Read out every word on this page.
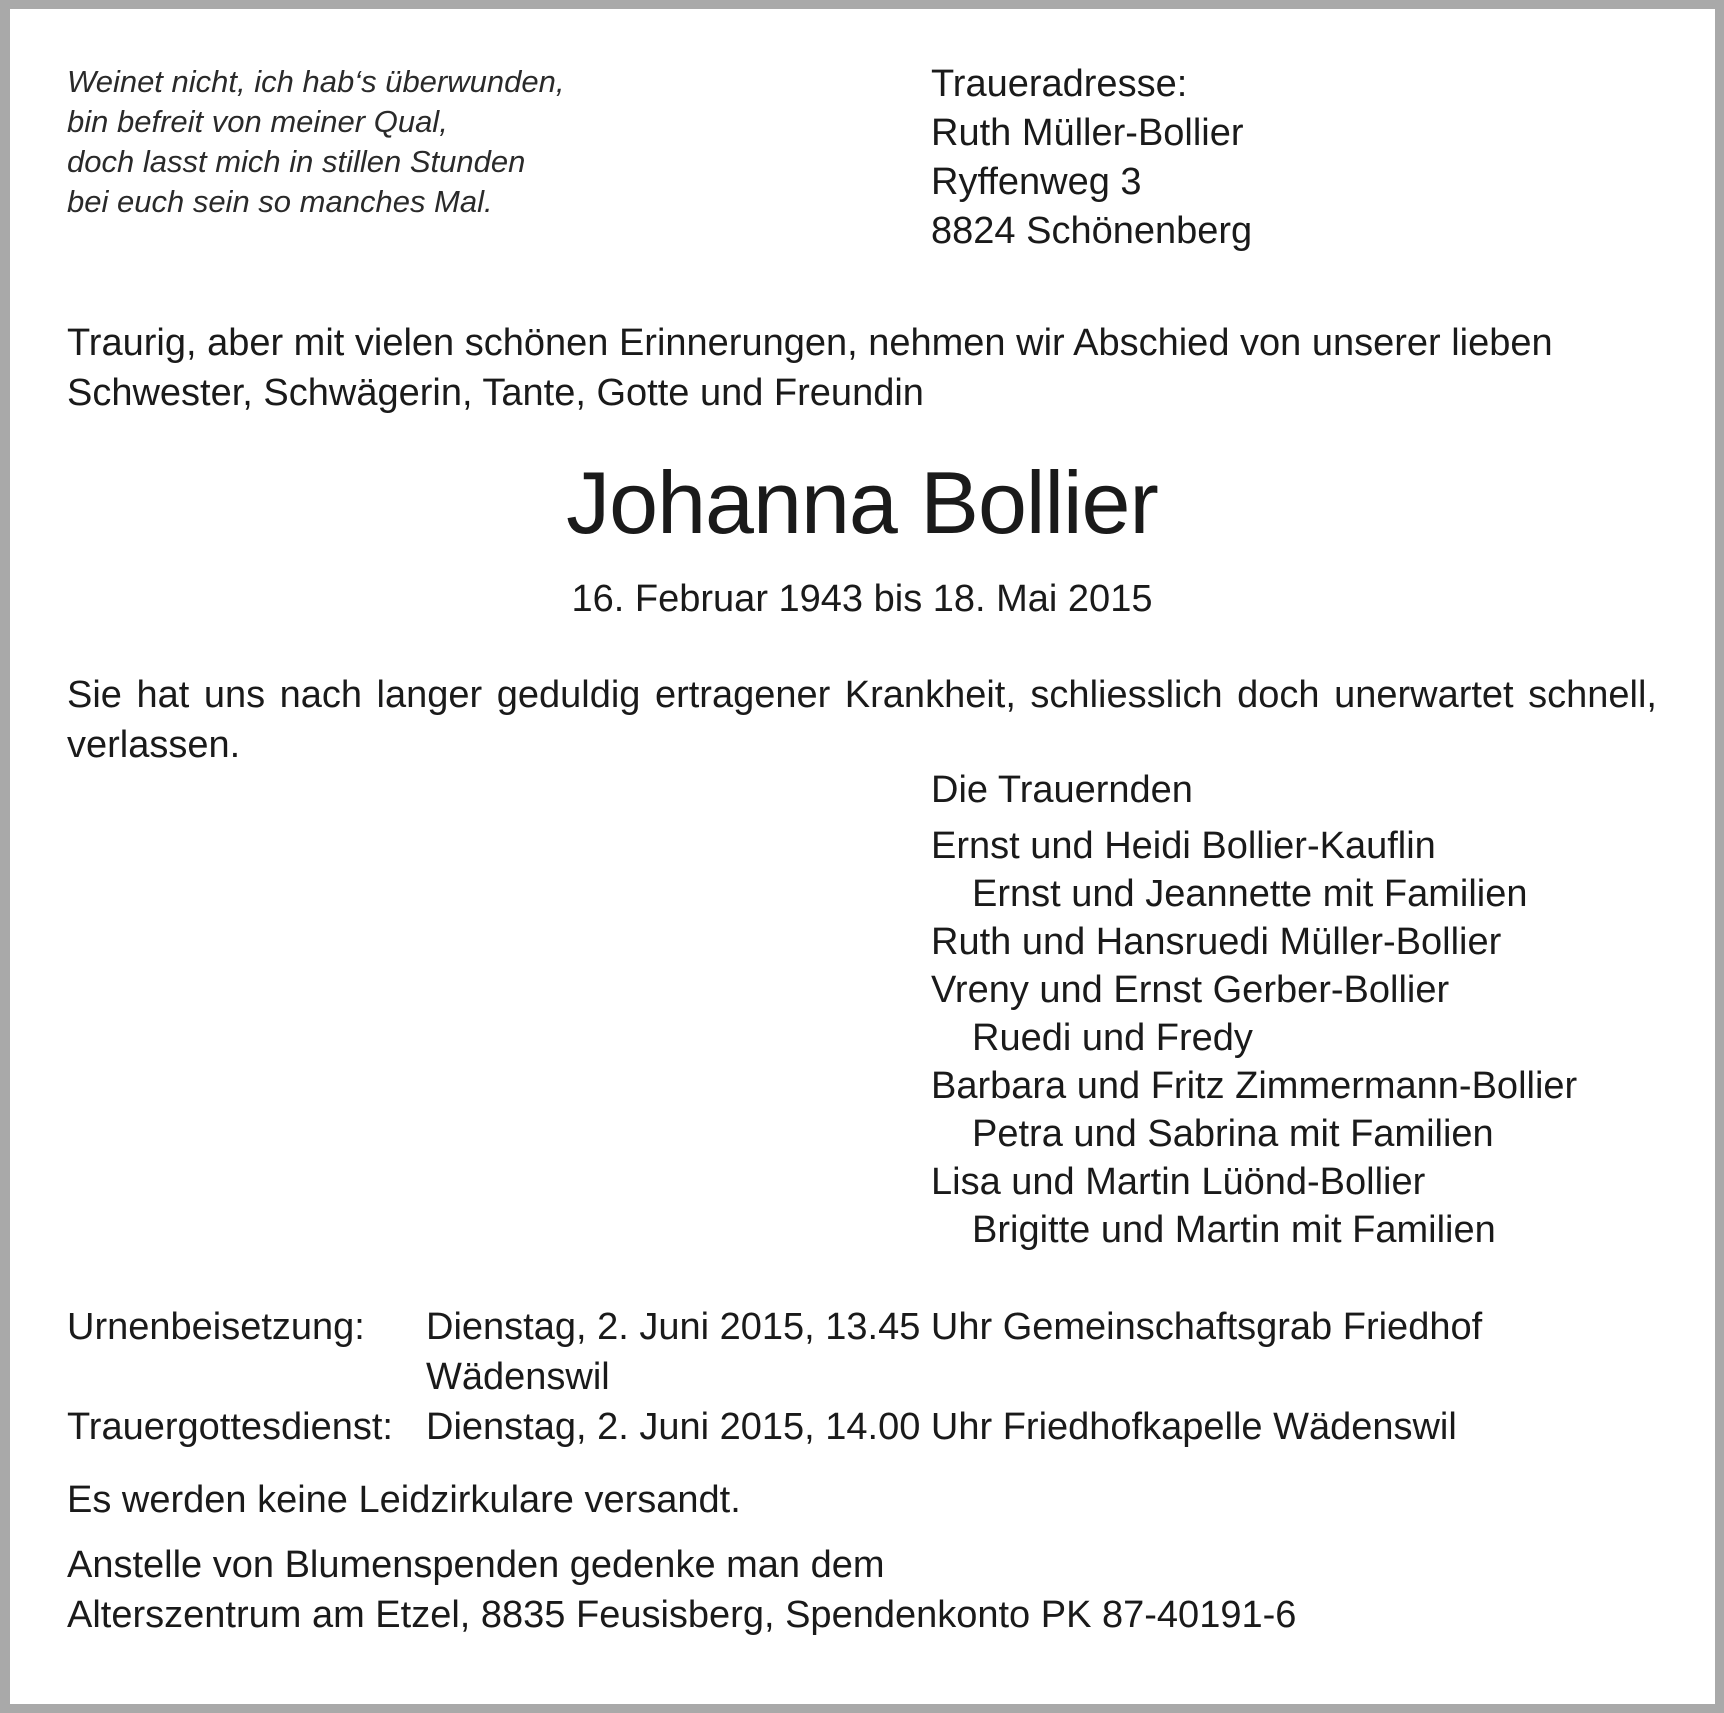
Weinet nicht, ich hab‘s überwunden,
bin befreit von meiner Qual,
doch lasst mich in stillen Stunden
bei euch sein so manches Mal.
Traueradresse:
Ruth Müller-Bollier
Ryffenweg 3
8824 Schönenberg
Traurig, aber mit vielen schönen Erinnerungen, nehmen wir Abschied von unserer lieben Schwester, Schwägerin, Tante, Gotte und Freundin
Johanna Bollier
16. Februar 1943 bis 18. Mai 2015
Sie hat uns nach langer geduldig ertragener Krankheit, schliesslich doch unerwartet schnell, verlassen.
Die Trauernden
Ernst und Heidi Bollier-Kauflin
Ernst und Jeannette mit Familien
Ruth und Hansruedi Müller-Bollier
Vreny und Ernst Gerber-Bollier
Ruedi und Fredy
Barbara und Fritz Zimmermann-Bollier
Petra und Sabrina mit Familien
Lisa und Martin Lüönd-Bollier
Brigitte und Martin mit Familien
Urnenbeisetzung:	Dienstag, 2. Juni 2015, 13.45 Uhr Gemeinschaftsgrab Friedhof Wädenswil
Trauergottesdienst: Dienstag, 2. Juni 2015, 14.00 Uhr Friedhofkapelle Wädenswil
Es werden keine Leidzirkulare versandt.
Anstelle von Blumenspenden gedenke man dem
Alterszentrum am Etzel, 8835 Feusisberg, Spendenkonto PK 87-40191-6
